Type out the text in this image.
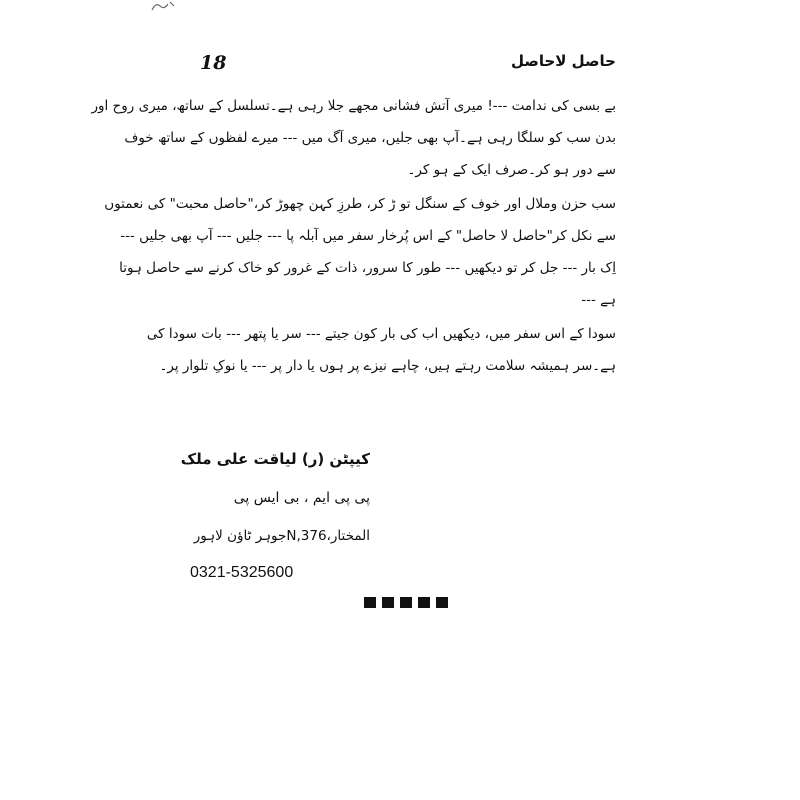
18	حاصل لاحاصل
بے بسی کی ندامت ---! میری آتش فشانی مجھے جلا رہی ہے۔تسلسل کے ساتھ، میری روح اور
بدن سب کو سلگا رہی ہے۔آپ بھی جلیں، میری آگ میں --- میرے لفظوں کے ساتھ خوف
سے دور ہو کر۔صرف ایک کے ہو کر۔
سب حزن وملال اور خوف کے سنگل تو ڑ کر، طرزِ کہن چھوڑ کر،"حاصل محبت" کی نعمتوں
سے نکل کر"حاصل لا حاصل" کے اس پُرخار سفر میں آبلہ پا --- جلیں --- آپ بھی جلیں ---
اِک بار --- جل کر تو دیکھیں --- طور کا سرور، ذات کے غرور کو خاک کرنے سے حاصل ہوتا
ہے ---
سودا کے اس سفر میں، دیکھیں اب کی بار کون جیتے --- سر یا پتھر --- بات سودا کی
ہے۔سر ہمیشہ سلامت رہتے ہیں، چاہے نیزے پر ہوں یا دار پر --- یا نوکِ تلوار پر۔
کیپٹن (ر) لیاقت علی ملک
پی پی ایم ، بی ایس پی
المختار،N,376جوہر ٹاؤن لاہور
0321-5325600
